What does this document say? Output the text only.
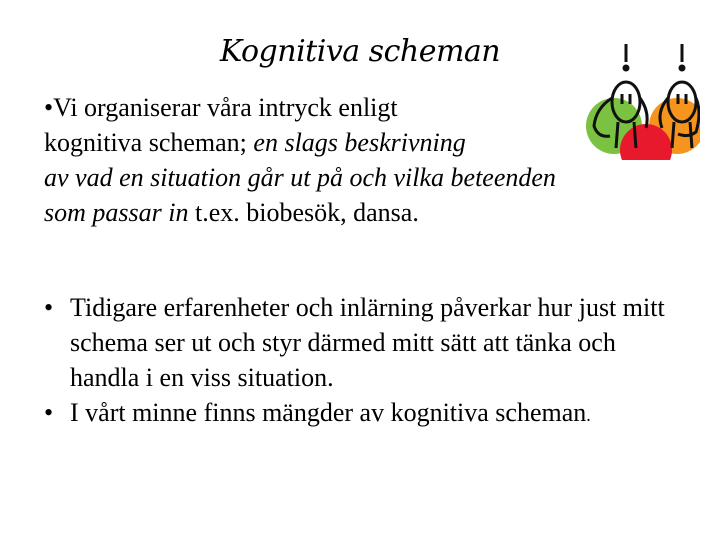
Kognitiva scheman
•Vi organiserar våra intryck enligt
kognitiva scheman; en slags beskrivning
av vad en situation går ut på och vilka beteenden
som passar in t.ex. biobesök, dansa.
• Tidigare erfarenheter och inlärning påverkar hur just mitt schema ser ut och styr därmed mitt sätt att tänka och handla i en viss situation.
• I vårt minne finns mängder av kognitiva scheman.
